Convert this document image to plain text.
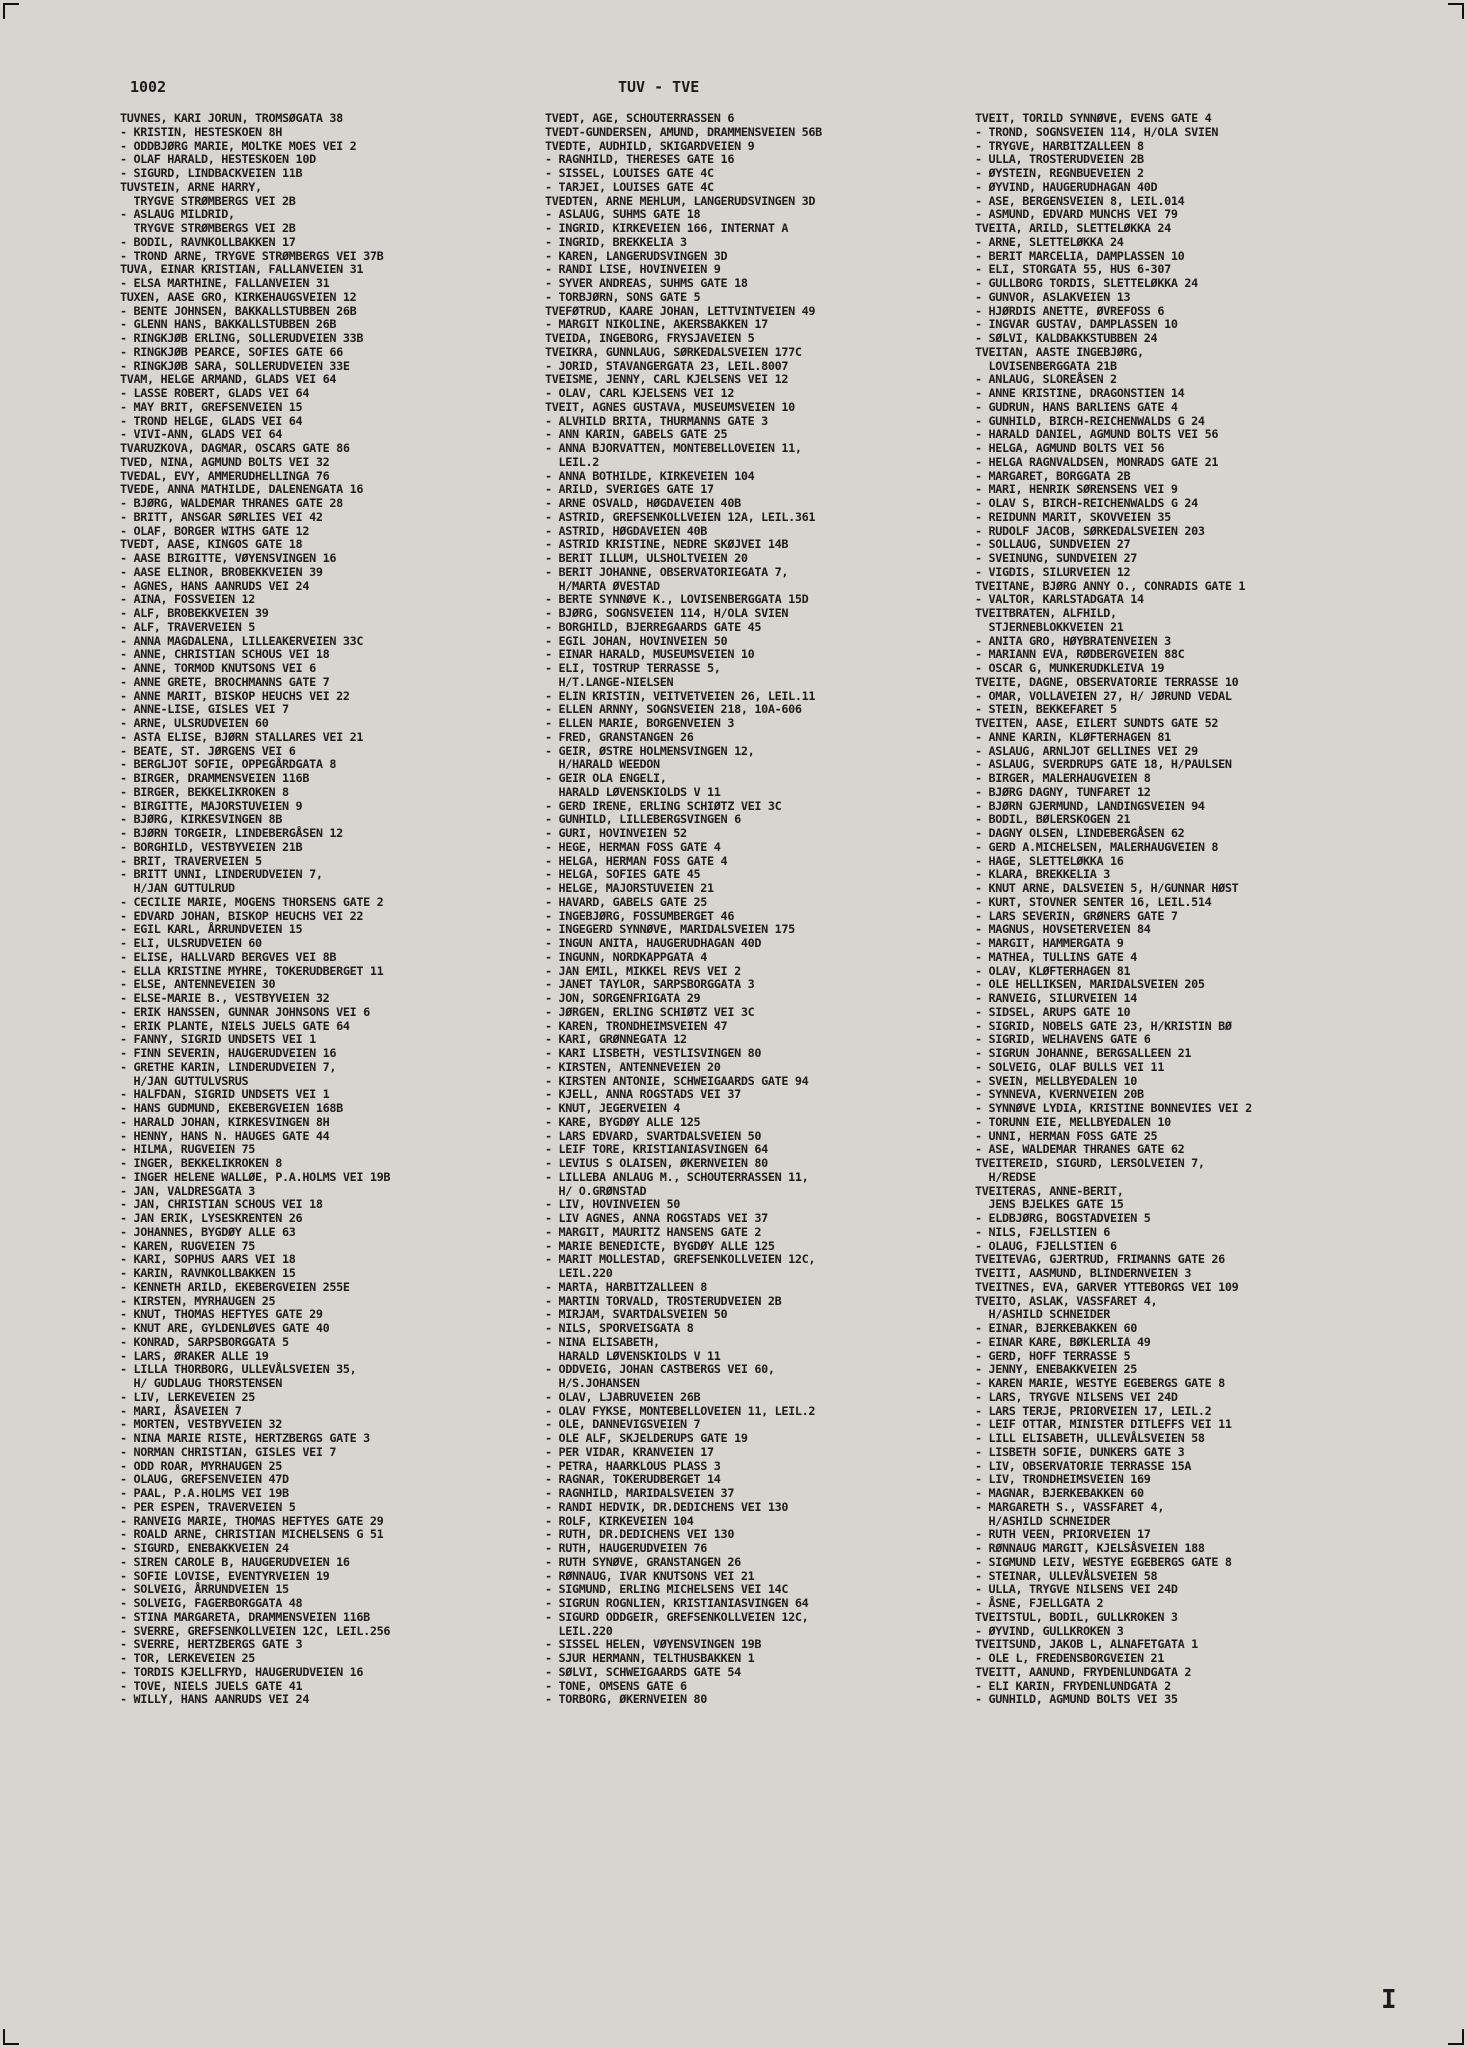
1002	TUV - TVE
TUVNES, KARI JORUN, TROMSØGATA 38
- KRISTIN, HESTESKOEN 8H
- ODDBJØRG MARIE, MOLTKE MOES VEI 2
- OLAF HARALD, HESTESKOEN 10D
- SIGURD, LINDBACKVEIEN 11B
TUVSTEIN, ARNE HARRY,
TRYGVE STRØMBERGS VEI 2B
- ASLAUG MILDRID,
TRYGVE STRØMBERGS VEI 2B
- BODIL, RAVNKOLLBAKKEN 17
- TROND ARNE, TRYGVE STRØMBERGS VEI 37B
TUVA, EINAR KRISTIAN, FALLANVEIEN 31
- ELSA MARTHINE, FALLANVEIEN 31
TUXEN, AASE GRO, KIRKEHAUGSVEIEN 12
- BENTE JOHNSEN, BAKKALLSTUBBEN 26B
- GLENN HANS, BAKKALLSTUBBEN 26B
- RINGKJØB ERLING, SOLLERUDVEIEN 33B
- RINGKJØB PEARCE, SOFIES GATE 66
- RINGKJØB SARA, SOLLERUDVEIEN 33E
TVAM, HELGE ARMAND, GLADS VEI 64
- LASSE ROBERT, GLADS VEI 64
- MAY BRIT, GREFSENVEIEN 15
- TROND HELGE, GLADS VEI 64
- VIVI-ANN, GLADS VEI 64
TVARUZKOVA, DAGMAR, OSCARS GATE 86
TVED, NINA, AGMUND BOLTS VEI 32
TVEDAL, EVY, AMMERUDHELLINGA 76
TVEDE, ANNA MATHILDE, DALENENGATA 16
- BJØRG, WALDEMAR THRANES GATE 28
- BRITT, ANSGAR SØRLIES VEI 42
- OLAF, BORGER WITHS GATE 12
TVEDT, AASE, KINGOS GATE 18
- AASE BIRGITTE, VØYENSVINGEN 16
- AASE ELINOR, BROBEKKVEIEN 39
- AGNES, HANS AANRUDS VEI 24
- AINA, FOSSVEIEN 12
- ALF, BROBEKKVEIEN 39
- ALF, TRAVERVEIEN 5
- ANNA MAGDALENA, LILLEAKERVEIEN 33C
- ANNE, CHRISTIAN SCHOUS VEI 18
- ANNE, TORMOD KNUTSONS VEI 6
- ANNE GRETE, BROCHMANNS GATE 7
- ANNE MARIT, BISKOP HEUCHS VEI 22
- ANNE-LISE, GISLES VEI 7
- ARNE, ULSRUDVEIEN 60
- ASTA ELISE, BJØRN STALLARES VEI 21
- BEATE, ST. JØRGENS VEI 6
- BERGLJOT SOFIE, OPPEGÅRDGATA 8
- BIRGER, DRAMMENSVEIEN 116B
- BIRGER, BEKKELIKROKEN 8
- BIRGITTE, MAJORSTUVEIEN 9
- BJØRG, KIRKESVINGEN 8B
- BJØRN TORGEIR, LINDEBERGÅSEN 12
- BORGHILD, VESTBYVEIEN 21B
- BRIT, TRAVERVEIEN 5
- BRITT UNNI, LINDERUDVEIEN 7,
H/JAN GUTTULRUD
- CECILIE MARIE, MOGENS THORSENS GATE 2
- EDVARD JOHAN, BISKOP HEUCHS VEI 22
- EGIL KARL, ÅRRUNDVEIEN 15
- ELI, ULSRUDVEIEN 60
- ELISE, HALLVARD BERGVES VEI 8B
- ELLA KRISTINE MYHRE, TOKERUDBERGET 11
- ELSE, ANTENNEVEIEN 30
- ELSE-MARIE B., VESTBYVEIEN 32
- ERIK HANSSEN, GUNNAR JOHNSONS VEI 6
- ERIK PLANTE, NIELS JUELS GATE 64
- FANNY, SIGRID UNDSETS VEI 1
- FINN SEVERIN, HAUGERUDVEIEN 16
- GRETHE KARIN, LINDERUDVEIEN 7,
H/JAN GUTTULVSRUS
- HALFDAN, SIGRID UNDSETS VEI 1
- HANS GUDMUND, EKEBERGVEIEN 168B
- HARALD JOHAN, KIRKESVINGEN 8H
- HENNY, HANS N. HAUGES GATE 44
- HILMA, RUGVEIEN 75
- INGER, BEKKELIKROKEN 8
- INGER HELENE WALLØE, P.A.HOLMS VEI 19B
- JAN, VALDRESGATA 3
- JAN, CHRISTIAN SCHOUS VEI 18
- JAN ERIK, LYSESKRENTEN 26
- JOHANNES, BYGDØY ALLE 63
- KAREN, RUGVEIEN 75
- KARI, SOPHUS AARS VEI 18
- KARIN, RAVNKOLLBAKKEN 15
- KENNETH ARILD, EKEBERGVEIEN 255E
- KIRSTEN, MYRHAUGEN 25
- KNUT, THOMAS HEFTYES GATE 29
- KNUT ARE, GYLDENLØVES GATE 40
- KONRAD, SARPSBORGGATA 5
- LARS, ØRAKER ALLE 19
- LILLA THORBORG, ULLEVÅLSVEIEN 35,
H/ GUDLAUG THORSTENSEN
- LIV, LERKEVEIEN 25
- MARI, ÅSAVEIEN 7
- MORTEN, VESTBYVEIEN 32
- NINA MARIE RISTE, HERTZBERGS GATE 3
- NORMAN CHRISTIAN, GISLES VEI 7
- ODD ROAR, MYRHAUGEN 25
- OLAUG, GREFSENVEIEN 47D
- PAAL, P.A.HOLMS VEI 19B
- PER ESPEN, TRAVERVEIEN 5
- RANVEIG MARIE, THOMAS HEFTYES GATE 29
- ROALD ARNE, CHRISTIAN MICHELSENS G 51
- SIGURD, ENEBAKKVEIEN 24
- SIREN CAROLE B, HAUGERUDVEIEN 16
- SOFIE LOVISE, EVENTYRVEIEN 19
- SOLVEIG, ÅRRUNDVEIEN 15
- SOLVEIG, FAGERBORGGATA 48
- STINA MARGARETA, DRAMMENSVEIEN 116B
- SVERRE, GREFSENKOLLVEIEN 12C, LEIL.256
- SVERRE, HERTZBERGS GATE 3
- TOR, LERKEVEIEN 25
- TORDIS KJELLFRYD, HAUGERUDVEIEN 16
- TOVE, NIELS JUELS GATE 41
- WILLY, HANS AANRUDS VEI 24
TVEDT, AGE, SCHOUTERRASSEN 6
TVEDT-GUNDERSEN, AMUND, DRAMMENSVEIEN 56B
TVEDTE, AUDHILD, SKIGARDVEIEN 9
- RAGNHILD, THERESES GATE 16
- SISSEL, LOUISES GATE 4C
- TARJEI, LOUISES GATE 4C
TVEDTEN, ARNE MEHLUM, LANGERUDSVINGEN 3D
- ASLAUG, SUHMS GATE 18
- INGRID, KIRKEVEIEN 166, INTERNAT A
- INGRID, BREKKELIA 3
- KAREN, LANGERUDSVINGEN 3D
- RANDI LISE, HOVINVEIEN 9
- SYVER ANDREAS, SUHMS GATE 18
- TORBJØRN, SONS GATE 5
TVEFØTRUD, KAARE JOHAN, LETTVINTVEIEN 49
- MARGIT NIKOLINE, AKERSBAKKEN 17
TVEIDA, INGEBORG, FRYSJAVEIEN 5
TVEIKRA, GUNNLAUG, SØRKEDALSVEIEN 177C
- JORID, STAVANGERGATA 23, LEIL.8007
TVEISME, JENNY, CARL KJELSENS VEI 12
- OLAV, CARL KJELSENS VEI 12
TVEIT, AGNES GUSTAVA, MUSEUMSVEIEN 10
- ALVHILD BRITA, THURMANNS GATE 3
- ANN KARIN, GABELS GATE 25
- ANNA BJORVATTEN, MONTEBELLOVEIEN 11,
LEIL.2
- ANNA BOTHILDE, KIRKEVEIEN 104
- ARILD, SVERIGES GATE 17
- ARNE OSVALD, HØGDAVEIEN 40B
- ASTRID, GREFSENKOLLVEIEN 12A, LEIL.361
- ASTRID, HØGDAVEIEN 40B
- ASTRID KRISTINE, NEDRE SKØJVEI 14B
- BERIT ILLUM, ULSHOLTVEIEN 20
- BERIT JOHANNE, OBSERVATORIEGATA 7,
H/MARTA ØVESTAD
- BERTE SYNNØVE K., LOVISENBERGGATA 15D
- BJØRG, SOGNSVEIEN 114, H/OLA SVIEN
- BORGHILD, BJERREGAARDS GATE 45
- EGIL JOHAN, HOVINVEIEN 50
- EINAR HARALD, MUSEUMSVEIEN 10
- ELI, TOSTRUP TERRASSE 5,
H/T.LANGE-NIELSEN
- ELIN KRISTIN, VEITVETVEIEN 26, LEIL.11
- ELLEN ARNNY, SOGNSVEIEN 218, 10A-606
- ELLEN MARIE, BORGENVEIEN 3
- FRED, GRANSTANGEN 26
- GEIR, ØSTRE HOLMENSVINGEN 12,
H/HARALD WEEDON
- GEIR OLA ENGELI,
HARALD LØVENSKIOLDS V 11
- GERD IRENE, ERLING SCHIØTZ VEI 3C
- GUNHILD, LILLEBERGSVINGEN 6
- GURI, HOVINVEIEN 52
- HEGE, HERMAN FOSS GATE 4
- HELGA, HERMAN FOSS GATE 4
- HELGA, SOFIES GATE 45
- HELGE, MAJORSTUVEIEN 21
- HAVARD, GABELS GATE 25
- INGEBJØRG, FOSSUMBERGET 46
- INGEGERD SYNNØVE, MARIDALSVEIEN 175
- INGUN ANITA, HAUGERUDHAGAN 40D
- INGUNN, NORDKAPPGATA 4
- JAN EMIL, MIKKEL REVS VEI 2
- JANET TAYLOR, SARPSBORGGATA 3
- JON, SORGENFRIGATA 29
- JØRGEN, ERLING SCHIØTZ VEI 3C
- KAREN, TRONDHEIMSVEIEN 47
- KARI, GRØNNEGATA 12
- KARI LISBETH, VESTLISVINGEN 80
- KIRSTEN, ANTENNEVEIEN 20
- KIRSTEN ANTONIE, SCHWEIGAARDS GATE 94
- KJELL, ANNA ROGSTADS VEI 37
- KNUT, JEGERVEIEN 4
- KARE, BYGDØY ALLE 125
- LARS EDVARD, SVARTDALSVEIEN 50
- LEIF TORE, KRISTIANIASVINGEN 64
- LEVIUS S OLAISEN, ØKERNVEIEN 80
- LILLEBA ANLAUG M., SCHOUTERRASSEN 11,
H/ O.GRØNSTAD
- LIV, HOVINVEIEN 50
- LIV AGNES, ANNA ROGSTADS VEI 37
- MARGIT, MAURITZ HANSENS GATE 2
- MARIE BENEDICTE, BYGDØY ALLE 125
- MARIT MOLLESTAD, GREFSENKOLLVEIEN 12C,
LEIL.220
- MARTA, HARBITZALLEEN 8
- MARTIN TORVALD, TROSTERUDVEIEN 2B
- MIRJAM, SVARTDALSVEIEN 50
- NILS, SPORVEISGATA 8
- NINA ELISABETH,
HARALD LØVENSKIOLDS V 11
- ODDVEIG, JOHAN CASTBERGS VEI 60,
H/S.JOHANSEN
- OLAV, LJABRUVEIEN 26B
- OLAV FYKSE, MONTEBELLOVEIEN 11, LEIL.2
- OLE, DANNEVIGSVEIEN 7
- OLE ALF, SKJELDERUPS GATE 19
- PER VIDAR, KRANVEIEN 17
- PETRA, HAARKLOUS PLASS 3
- RAGNAR, TOKERUDBERGET 14
- RAGNHILD, MARIDALSVEIEN 37
- RANDI HEDVIK, DR.DEDICHENS VEI 130
- ROLF, KIRKEVEIEN 104
- RUTH, DR.DEDICHENS VEI 130
- RUTH, HAUGERUDVEIEN 76
- RUTH SYNØVE, GRANSTANGEN 26
- RØNNAUG, IVAR KNUTSONS VEI 21
- SIGMUND, ERLING MICHELSENS VEI 14C
- SIGRUN ROGNLIEN, KRISTIANIASVINGEN 64
- SIGURD ODDGEIR, GREFSENKOLLVEIEN 12C,
LEIL.220
- SISSEL HELEN, VØYENSVINGEN 19B
- SJUR HERMANN, TELTHUSBAKKEN 1
- SØLVI, SCHWEIGAARDS GATE 54
- TONE, OMSENS GATE 6
- TORBORG, ØKERNVEIEN 80
TVEIT, TORILD SYNNØVE, EVENS GATE 4
- TROND, SOGNSVEIEN 114, H/OLA SVIEN
- TRYGVE, HARBITZALLEEN 8
- ULLA, TROSTERUDVEIEN 2B
- ØYSTEIN, REGNBUEVEIEN 2
- ØYVIND, HAUGERUDHAGAN 40D
- ASE, BERGENSVEIEN 8, LEIL.014
- ASMUND, EDVARD MUNCHS VEI 79
TVEITA, ARILD, SLETTELØKKA 24
- ARNE, SLETTELØKKA 24
- BERIT MARCELIA, DAMPLASSEN 10
- ELI, STORGATA 55, HUS 6-307
- GULLBORG TORDIS, SLETTELØKKA 24
- GUNVOR, ASLAKVEIEN 13
- HJØRDIS ANETTE, ØVREFOSS 6
- INGVAR GUSTAV, DAMPLASSEN 10
- SØLVI, KALDBAKKSTUBBEN 24
TVEITAN, AASTE INGEBJØRG,
LOVISENBERGGATA 21B
- ANLAUG, SLOREÅSEN 2
- ANNE KRISTINE, DRAGONSTIEN 14
- GUDRUN, HANS BARLIENS GATE 4
- GUNHILD, BIRCH-REICHENWALDS G 24
- HARALD DANIEL, AGMUND BOLTS VEI 56
- HELGA, AGMUND BOLTS VEI 56
- HELGA RAGNVALDSEN, MONRADS GATE 21
- MARGARET, BORGGATA 2B
- MARI, HENRIK SØRENSENS VEI 9
- OLAV S, BIRCH-REICHENWALDS G 24
- REIDUNN MARIT, SKOVVEIEN 35
- RUDOLF JACOB, SØRKEDALSVEIEN 203
- SOLLAUG, SUNDVEIEN 27
- SVEINUNG, SUNDVEIEN 27
- VIGDIS, SILURVEIEN 12
TVEITANE, BJØRG ANNY O., CONRADIS GATE 1
- VALTOR, KARLSTADGATA 14
TVEITBRATEN, ALFHILD,
STJERNEBLOKKVEIEN 21
- ANITA GRO, HØYBRATENVEIEN 3
- MARIANN EVA, RØDBERGVEIEN 88C
- OSCAR G, MUNKERUDKLEIVA 19
TVEITE, DAGNE, OBSERVATORIE TERRASSE 10
- OMAR, VOLLAVEIEN 27, H/ JØRUND VEDAL
- STEIN, BEKKEFARET 5
TVEITEN, AASE, EILERT SUNDTS GATE 52
- ANNE KARIN, KLØFTERHAGEN 81
- ASLAUG, ARNLJOT GELLINES VEI 29
- ASLAUG, SVERDRUPS GATE 18, H/PAULSEN
- BIRGER, MALERHAUGVEIEN 8
- BJØRG DAGNY, TUNFARET 12
- BJØRN GJERMUND, LANDINGSVEIEN 94
- BODIL, BØLERSKOGEN 21
- DAGNY OLSEN, LINDEBERGÅSEN 62
- GERD A.MICHELSEN, MALERHAUGVEIEN 8
- HAGE, SLETTELØKKA 16
- KLARA, BREKKELIA 3
- KNUT ARNE, DALSVEIEN 5, H/GUNNAR HØST
- KURT, STOVNER SENTER 16, LEIL.514
- LARS SEVERIN, GRØNERS GATE 7
- MAGNUS, HOVSETERVEIEN 84
- MARGIT, HAMMERGATA 9
- MATHEA, TULLINS GATE 4
- OLAV, KLØFTERHAGEN 81
- OLE HELLIKSEN, MARIDALSVEIEN 205
- RANVEIG, SILURVEIEN 14
- SIDSEL, ARUPS GATE 10
- SIGRID, NOBELS GATE 23, H/KRISTIN BØ
- SIGRID, WELHAVENS GATE 6
- SIGRUN JOHANNE, BERGSALLEEN 21
- SOLVEIG, OLAF BULLS VEI 11
- SVEIN, MELLBYEDALEN 10
- SYNNEVA, KVERNVEIEN 20B
- SYNNØVE LYDIA, KRISTINE BONNEVIES VEI 2
- TORUNN EIE, MELLBYEDALEN 10
- UNNI, HERMAN FOSS GATE 25
- ASE, WALDEMAR THRANES GATE 62
TVEITEREID, SIGURD, LERSOLVEIEN 7,
H/REDSE
TVEITERAS, ANNE-BERIT,
JENS BJELKES GATE 15
- ELDBJØRG, BOGSTADVEIEN 5
- NILS, FJELLSTIEN 6
- OLAUG, FJELLSTIEN 6
TVEITEVAG, GJERTRUD, FRIMANNS GATE 26
TVEITI, AASMUND, BLINDERNVEIEN 3
TVEITNES, EVA, GARVER YTTEBORGS VEI 109
TVEITO, ASLAK, VASSFARET 4,
H/ASHILD SCHNEIDER
- EINAR, BJERKEBAKKEN 60
- EINAR KARE, BØKLERLIA 49
- GERD, HOFF TERRASSE 5
- JENNY, ENEBAKKVEIEN 25
- KAREN MARIE, WESTYE EGEBERGS GATE 8
- LARS, TRYGVE NILSENS VEI 24D
- LARS TERJE, PRIORVEIEN 17, LEIL.2
- LEIF OTTAR, MINISTER DITLEFFS VEI 11
- LILL ELISABETH, ULLEVÅLSVEIEN 58
- LISBETH SOFIE, DUNKERS GATE 3
- LIV, OBSERVATORIE TERRASSE 15A
- LIV, TRONDHEIMSVEIEN 169
- MAGNAR, BJERKEBAKKEN 60
- MARGARETH S., VASSFARET 4,
H/ASHILD SCHNEIDER
- RUTH VEEN, PRIORVEIEN 17
- RØNNAUG MARGIT, KJELSÅSVEIEN 188
- SIGMUND LEIV, WESTYE EGEBERGS GATE 8
- STEINAR, ULLEVÅLSVEIEN 58
- ULLA, TRYGVE NILSENS VEI 24D
- ÅSNE, FJELLGATA 2
TVEITSTUL, BODIL, GULLKROKEN 3
- ØYVIND, GULLKROKEN 3
TVEITSUND, JAKOB L, ALNAFETGATA 1
- OLE L, FREDENSBORGVEIEN 21
TVEITT, AANUND, FRYDENLUNDGATA 2
- ELI KARIN, FRYDENLUNDGATA 2
- GUNHILD, AGMUND BOLTS VEI 35
I
